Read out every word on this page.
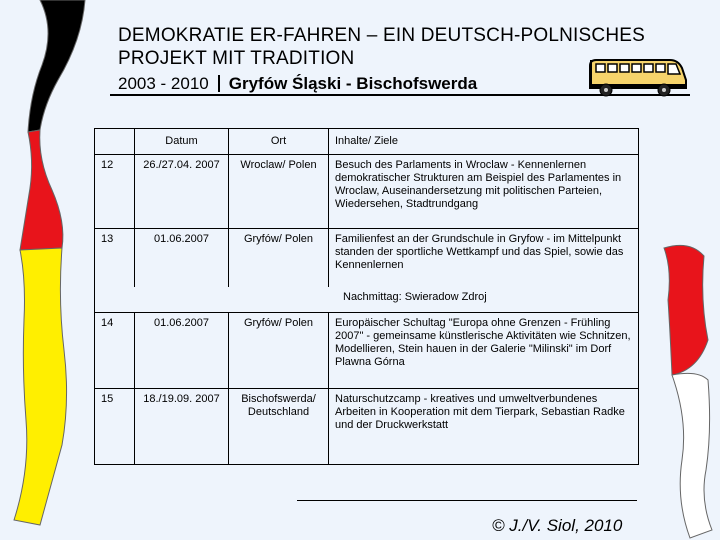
DEMOKRATIE ER-FAHREN – EIN DEUTSCH-POLNISCHES PROJEKT MIT TRADITION
2003 - 2010 Gryfów Śląski - Bischofswerda
	Datum	Ort	Inhalte/ Ziele
12	26./27.04. 2007	Wroclaw/ Polen	Besuch des Parlaments in Wroclaw - Kennenlernen demokratischer Strukturen am Beispiel des Parlamentes in Wroclaw, Auseinandersetzung mit politischen Parteien, Wiedersehen, Stadtrundgang
13	01.06.2007	Gryfów/ Polen	Familienfest an der Grundschule in Gryfow - im Mittelpunkt standen der sportliche Wettkampf und das Spiel, sowie das Kennenlernen
Nachmittag: Swieradow Zdroj			
14	01.06.2007	Gryfów/ Polen	Europäischer Schultag "Europa ohne Grenzen - Frühling 2007" - gemeinsame künstlerische Aktivitäten wie Schnitzen, Modellieren, Stein hauen in der Galerie "Milinski" im Dorf Plawna Górna
15	18./19.09. 2007	Bischofswerda/ Deutschland	Naturschutzcamp - kreatives und umweltverbundenes Arbeiten in Kooperation mit dem Tierpark, Sebastian Radke und der Druckwerkstatt
© J./V. Siol, 2010
